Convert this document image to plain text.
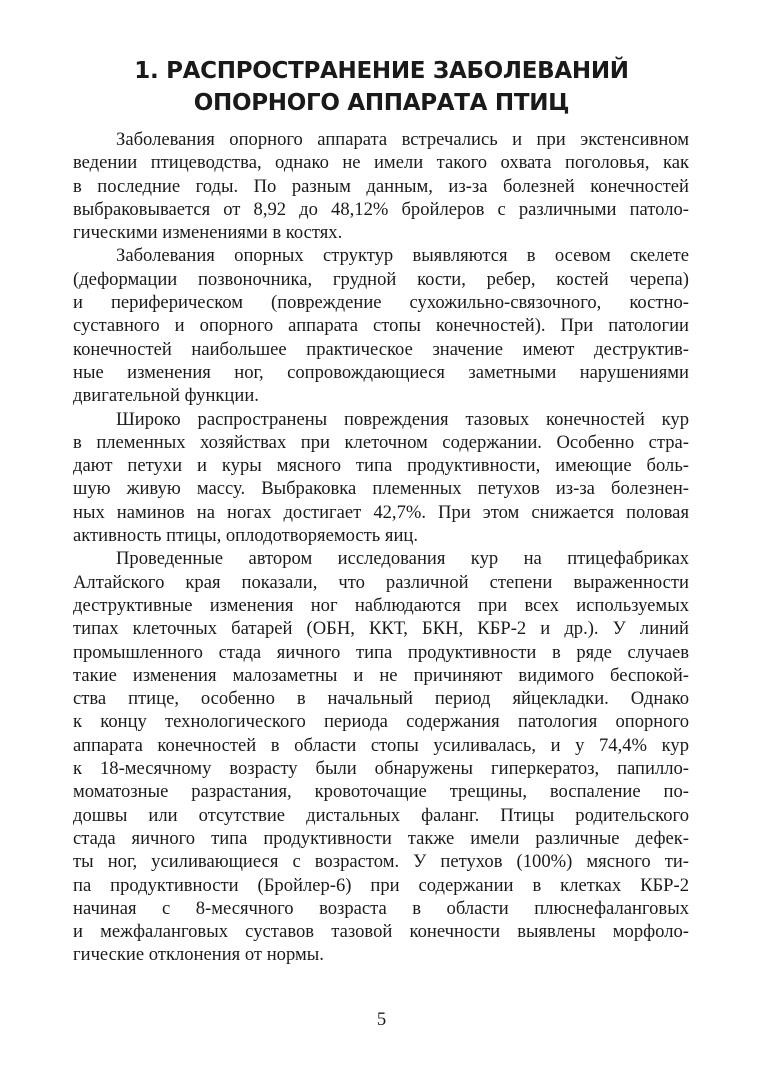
1. РАСПРОСТРАНЕНИЕ ЗАБОЛЕВАНИЙ
ОПОРНОГО АППАРАТА ПТИЦ
Заболевания опорного аппарата встречались и при экстенсивном
ведении птицеводства, однако не имели такого охвата поголовья, как
в последние годы. По разным данным, из-за болезней конечностей
выбраковывается от 8,92 до 48,12% бройлеров с различными патоло-
гическими изменениями в костях.
Заболевания опорных структур выявляются в осевом скелете
(деформации позвоночника, грудной кости, ребер, костей черепа)
и периферическом (повреждение сухожильно-связочного, костно-
суставного и опорного аппарата стопы конечностей). При патологии
конечностей наибольшее практическое значение имеют деструктив-
ные изменения ног, сопровождающиеся заметными нарушениями
двигательной функции.
Широко распространены повреждения тазовых конечностей кур
в племенных хозяйствах при клеточном содержании. Особенно стра-
дают петухи и куры мясного типа продуктивности, имеющие боль-
шую живую массу. Выбраковка племенных петухов из-за болезнен-
ных наминов на ногах достигает 42,7%. При этом снижается половая
активность птицы, оплодотворяемость яиц.
Проведенные автором исследования кур на птицефабриках
Алтайского края показали, что различной степени выраженности
деструктивные изменения ног наблюдаются при всех используемых
типах клеточных батарей (ОБН, ККТ, БКН, КБР-2 и др.). У линий
промышленного стада яичного типа продуктивности в ряде случаев
такие изменения малозаметны и не причиняют видимого беспокой-
ства птице, особенно в начальный период яйцекладки. Однако
к концу технологического периода содержания патология опорного
аппарата конечностей в области стопы усиливалась, и у 74,4% кур
к 18-месячному возрасту были обнаружены гиперкератоз, папилло-
моматозные разрастания, кровоточащие трещины, воспаление по-
дошвы или отсутствие дистальных фаланг. Птицы родительского
стада яичного типа продуктивности также имели различные дефек-
ты ног, усиливающиеся с возрастом. У петухов (100%) мясного ти-
па продуктивности (Бройлер-6) при содержании в клетках КБР-2
начиная с 8-месячного возраста в области плюснефаланговых
и межфаланговых суставов тазовой конечности выявлены морфоло-
гические отклонения от нормы.
5
